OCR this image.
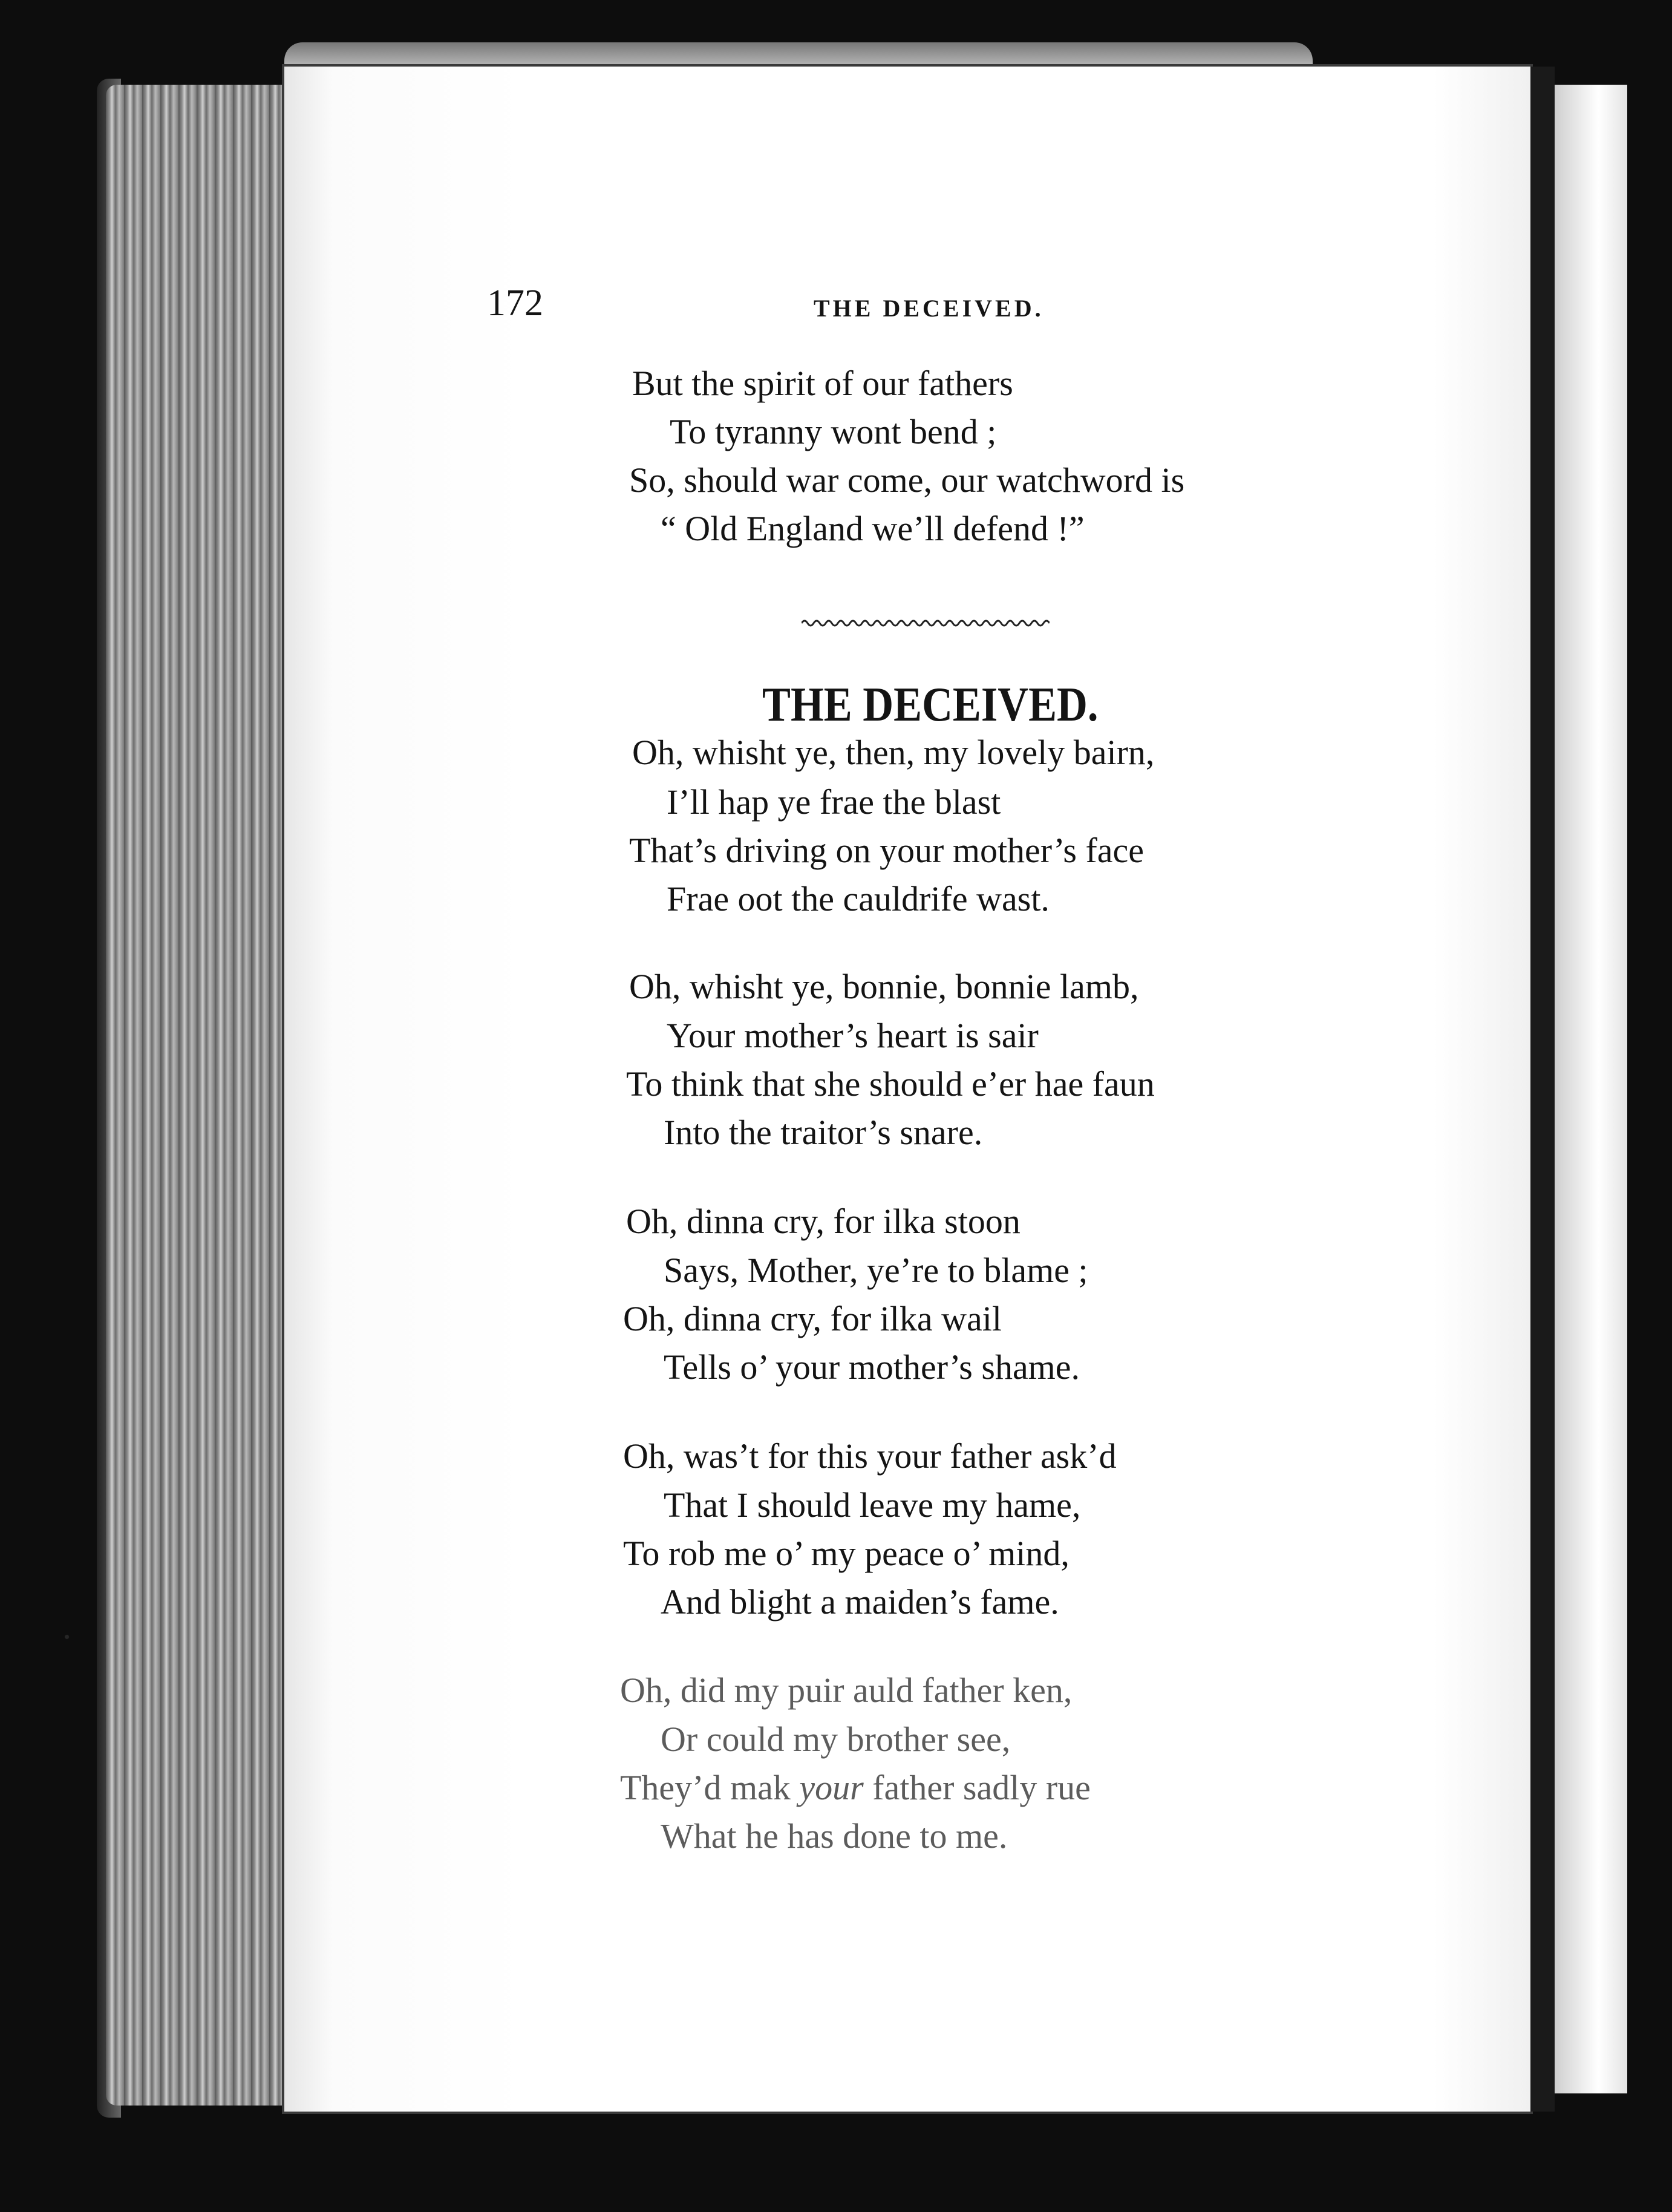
172	THE DECEIVED.
But the spirit of our fathers
To tyranny wont bend ;
So, should war come, our watchword is
“ Old England we’ll defend !”
THE DECEIVED.
Oh, whisht ye, then, my lovely bairn,
I’ll hap ye frae the blast
That’s driving on your mother’s face
Frae oot the cauldrife wast.
Oh, whisht ye, bonnie, bonnie lamb,
Your mother’s heart is sair
To think that she should e’er hae faun
Into the traitor’s snare.
Oh, dinna cry, for ilka stoon
Says, Mother, ye’re to blame ;
Oh, dinna cry, for ilka wail
Tells o’ your mother’s shame.
Oh, was’t for this your father ask’d
That I should leave my hame,
To rob me o’ my peace o’ mind,
And blight a maiden’s fame.
Oh, did my puir auld father ken,
Or could my brother see,
They’d mak your father sadly rue
What he has done to me.
